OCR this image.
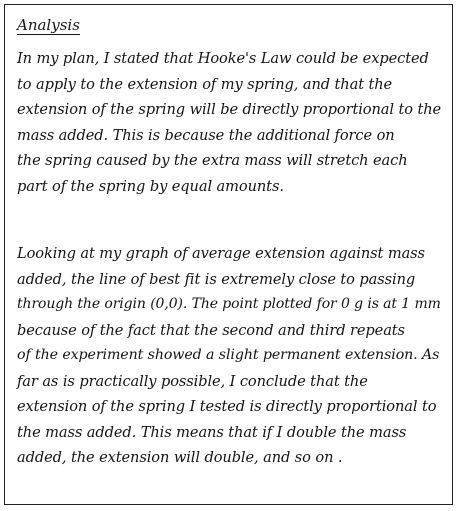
Analysis

In my plan, I stated that Hooke's Law could be expected
to apply to the extension of my spring, and that the
extension of the spring will be directly proportional to the
mass added. This is because the additional force on
the spring caused by the extra mass will stretch each
part of the spring by equal amounts.

Looking at my graph of average extension against mass
added, the line of best fit is extremely close to passing
through the origin (0,0). The point plotted for 0 g is at 1 mm
because of the fact that the second and third repeats
of the experiment showed a slight permanent extension. As
far as is practically possible, I conclude that the
extension of the spring I tested is directly proportional to
the mass added. This means that if I double the mass
added, the extension will double, and so on .
